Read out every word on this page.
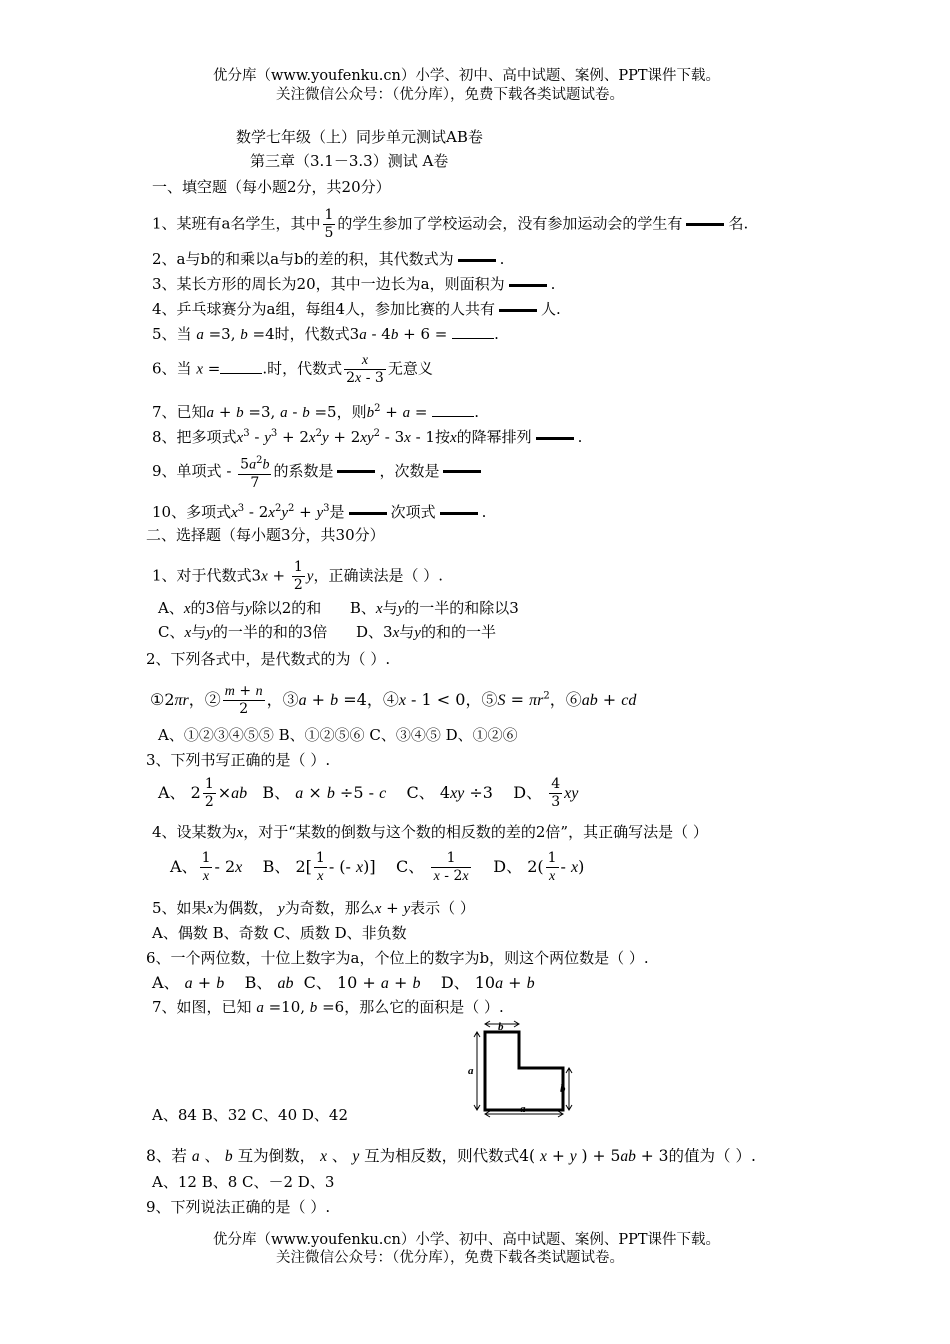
优分库（www.youfenku.cn）小学、初中、高中试题、案例、PPT课件下载。
关注微信公众号：（优分库），免费下载各类试题试卷。
数学七年级（上）同步单元测试AB卷
第三章（3.1－3.3）测试 A卷
一、填空题（每小题2分，共20分）
1、某班有a名学生，其中 $\frac{1}{5}$ 的学生参加了学校运动会，没有参加运动会的学生有	名.
2、a与b的和乘以a与b的差的积，其代数式为	.
3、某长方形的周长为20，其中一边长为a，则面积为	.
4、乒乓球赛分为a组，每组4人，参加比赛的人共有	人.
5、当 a =3, b =4时，代数式3a - 4b + 6 =	.
6、当 x =	.时，代数式 $\frac{x}{2x - 3}$ 无意义
7、已知a + b =3, a - b =5，则$b^2 + a$ =	.
8、把多项式$x^3 - y^3 + 2x^2y + 2xy^2 - 3x - 1$按x的降幂排列	.
9、单项式 - $\frac{5a^2b}{7}$ 的系数是	，次数是
10、多项式$x^3 - 2x^2y^2 + y^3$是	次项式	.
二、选择题（每小题3分，共30分）
1、对于代数式$3x + \frac{1}{2}$ y，正确读法是（ ）.
A、x的3倍与y除以2的和 B、x与y的一半的和除以3
C、x与y的一半的和的3倍 D、3x与y的和的一半
2、下列各式中，是代数式的为（ ）.
①2πr，② $\frac{m + n}{2}$ ，③a + b =4，④x - 1 < 0，⑤S = $\pi r^2$，⑥ab + cd
A、①②③④⑤⑤ B、①②⑤⑥ C、③④⑤ D、①②⑥
3、下列书写正确的是（ ）.
A、 $2 \frac{1}{2} \times ab$   B、 a × b ÷5 - c    C、 4xy ÷3    D、 $\frac{4}{3}$ xy
4、设某数为x，对于“某数的倒数与这个数的相反数的差的2倍”，其正确写法是（ ）
A、 $\frac{1}{x} - 2x$    B、 $2[ \frac{1}{x}$ - (- x)]    C、 $\frac{1}{x - 2x}$ D、 $2( \frac{1}{x} - x)$
5、如果x为偶数， y为奇数，那么x + y表示（ ）
A、偶数 B、奇数 C、质数 D、非负数
6、一个两位数，十位上数字为a，个位上的数字为b，则这个两位数是（ ）.
A、 a + b    B、 ab  C、 10 + a + b    D、 10a + b
7、如图，已知 a =10, b =6，那么它的面积是（ ）.
b
a
b
a
A、84 B、32 C、40 D、42
8、若 a 、 b 互为倒数， x 、 y 互为相反数，则代数式4( x + y ) + 5ab + 3的值为（ ）.
A、12 B、8 C、－2 D、3
9、下列说法正确的是（ ）.
优分库（www.youfenku.cn）小学、初中、高中试题、案例、PPT课件下载。
关注微信公众号：（优分库），免费下载各类试题试卷。
